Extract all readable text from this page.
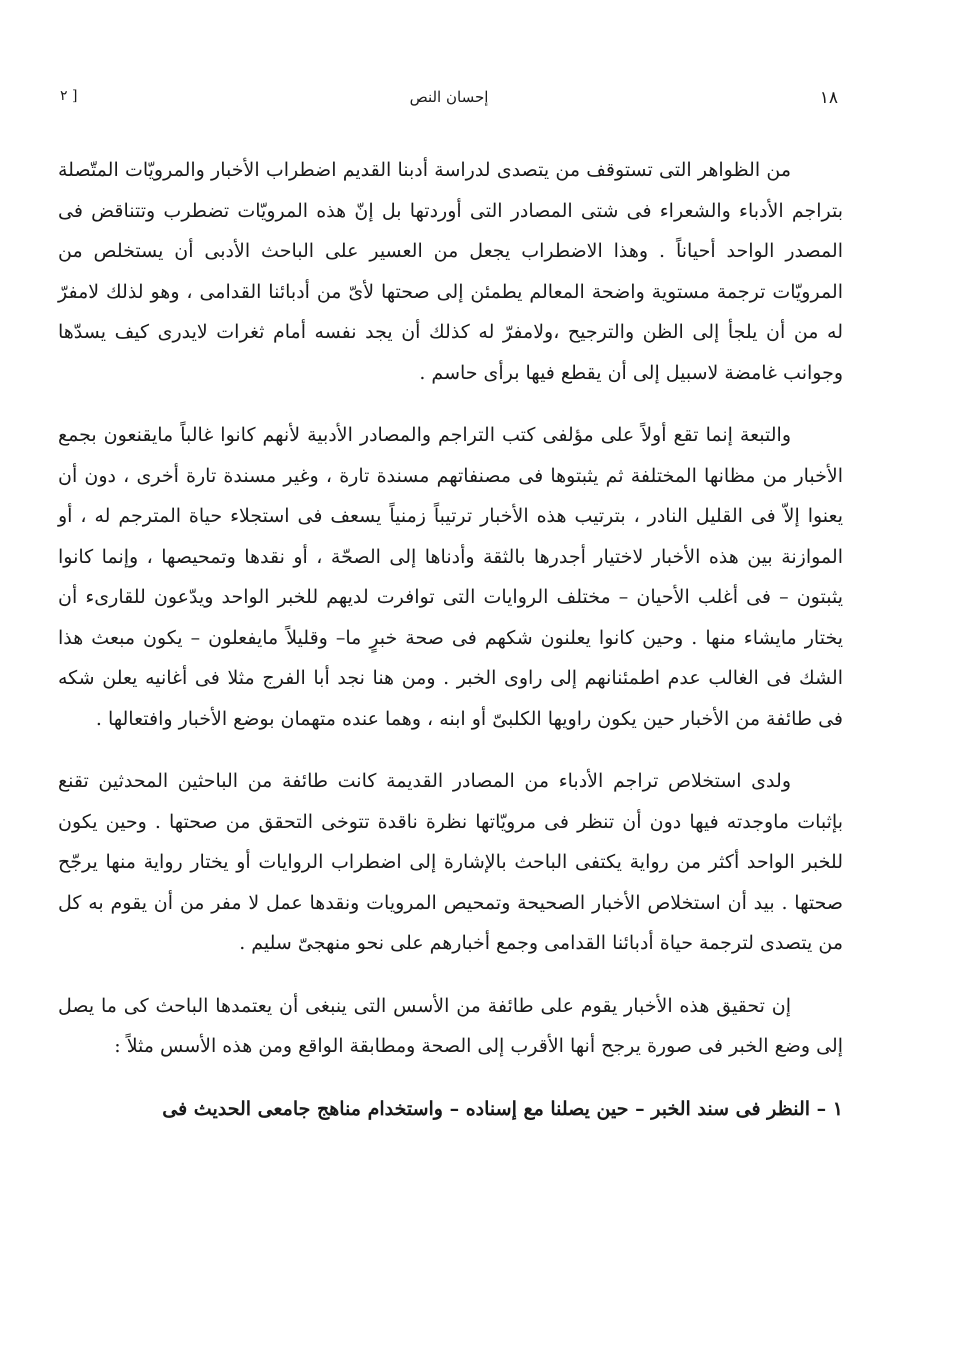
١٨
إحسان النص
[ ٢

من الظواهر التى تستوقف من يتصدى لدراسة أدبنا القديم اضطراب الأخبار والمرويّات المتّصلة بتراجم الأدباء والشعراء فى شتى المصادر التى أوردتها بل إنّ هذه المرويّات تضطرب وتتناقض فى المصدر الواحد أحياناً . وهذا الاضطراب يجعل من العسير على الباحث الأدبى أن يستخلص من المرويّات ترجمة مستوية واضحة المعالم يطمئن إلى صحتها لأىّ من أدبائنا القدامى ، وهو لذلك لامفرّ له من أن يلجأ إلى الظن والترجيح ،ولامفرّ له كذلك أن يجد نفسه أمام ثغرات لايدرى كيف يسدّها وجوانب غامضة لاسبيل إلى أن يقطع فيها برأى حاسم .

والتبعة إنما تقع أولاً على مؤلفى كتب التراجم والمصادر الأدبية لأنهم كانوا غالباً مايقنعون بجمع الأخبار من مظانها المختلفة ثم يثبتوها فى مصنفاتهم مسندة تارة ، وغير مسندة تارة أخرى ، دون أن يعنوا إلاّ فى القليل النادر ، بترتيب هذه الأخبار ترتيباً زمنياً يسعف فى استجلاء حياة المترجم له ، أو الموازنة بين هذه الأخبار لاختيار أجدرها بالثقة وأدناها إلى الصحّة ، أو نقدها وتمحيصها ، وإنما كانوا يثبتون – فى أغلب الأحيان – مختلف الروايات التى توافرت لديهم للخبر الواحد ويدّعون للقارىء أن يختار مايشاء منها . وحين كانوا يعلنون شكهم فى صحة خبرٍ ما– وقليلاً مايفعلون – يكون مبعث هذا الشك فى الغالب عدم اطمئنانهم إلى راوى الخبر . ومن هنا نجد أبا الفرج مثلا فى أغانيه يعلن شكه فى طائفة من الأخبار حين يكون راويها الكلبىّ أو ابنه ، وهما عنده متهمان بوضع الأخبار وافتعالها .

ولدى استخلاص تراجم الأدباء من المصادر القديمة كانت طائفة من الباحثين المحدثين تقنع بإثبات ماوجدته فيها دون أن تنظر فى مرويّاتها نظرة ناقدة تتوخى التحقق من صحتها . وحين يكون للخبر الواحد أكثر من رواية يكتفى الباحث بالإشارة إلى اضطراب الروايات أو يختار رواية منها يرجّح صحتها . بيد أن استخلاص الأخبار الصحيحة وتمحيص المرويات ونقدها عمل لا مفر من أن يقوم به كل من يتصدى لترجمة حياة أدبائنا القدامى وجمع أخبارهم على نحو منهجىّ سليم .

إن تحقيق هذه الأخبار يقوم على طائفة من الأسس التى ينبغى أن يعتمدها الباحث كى ما يصل إلى وضع الخبر فى صورة يرجح أنها الأقرب إلى الصحة ومطابقة الواقع ومن هذه الأسس مثلاً :

١ – النظر فى سند الخبر – حين يصلنا مع إسناده – واستخدام مناهج جامعى الحديث فى
